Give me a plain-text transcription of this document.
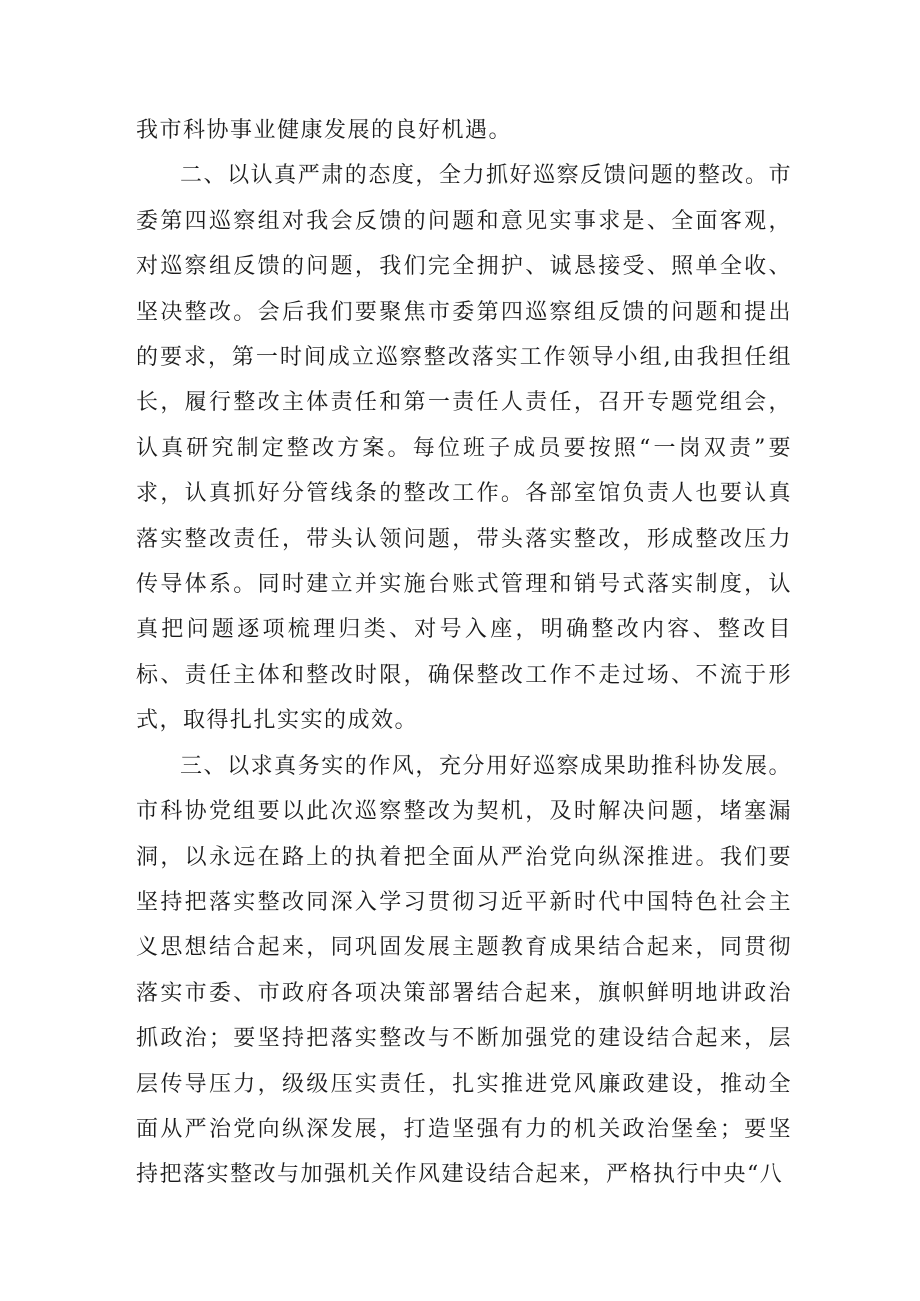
我市科协事业健康发展的良好机遇。

二、以认真严肃的态度，全力抓好巡察反馈问题的整改。市委第四巡察组对我会反馈的问题和意见实事求是、全面客观，对巡察组反馈的问题，我们完全拥护、诚恳接受、照单全收、坚决整改。会后我们要聚焦市委第四巡察组反馈的问题和提出的要求，第一时间成立巡察整改落实工作领导小组,由我担任组长，履行整改主体责任和第一责任人责任，召开专题党组会，认真研究制定整改方案。每位班子成员要按照“一岗双责”要求，认真抓好分管线条的整改工作。各部室馆负责人也要认真落实整改责任，带头认领问题，带头落实整改，形成整改压力传导体系。同时建立并实施台账式管理和销号式落实制度，认真把问题逐项梳理归类、对号入座，明确整改内容、整改目标、责任主体和整改时限，确保整改工作不走过场、不流于形式，取得扎扎实实的成效。

三、以求真务实的作风，充分用好巡察成果助推科协发展。市科协党组要以此次巡察整改为契机，及时解决问题，堵塞漏洞，以永远在路上的执着把全面从严治党向纵深推进。我们要坚持把落实整改同深入学习贯彻习近平新时代中国特色社会主义思想结合起来，同巩固发展主题教育成果结合起来，同贯彻落实市委、市政府各项决策部署结合起来，旗帜鲜明地讲政治抓政治；要坚持把落实整改与不断加强党的建设结合起来，层层传导压力，级级压实责任，扎实推进党风廉政建设，推动全面从严治党向纵深发展，打造坚强有力的机关政治堡垒；要坚持把落实整改与加强机关作风建设结合起来，严格执行中央“八
